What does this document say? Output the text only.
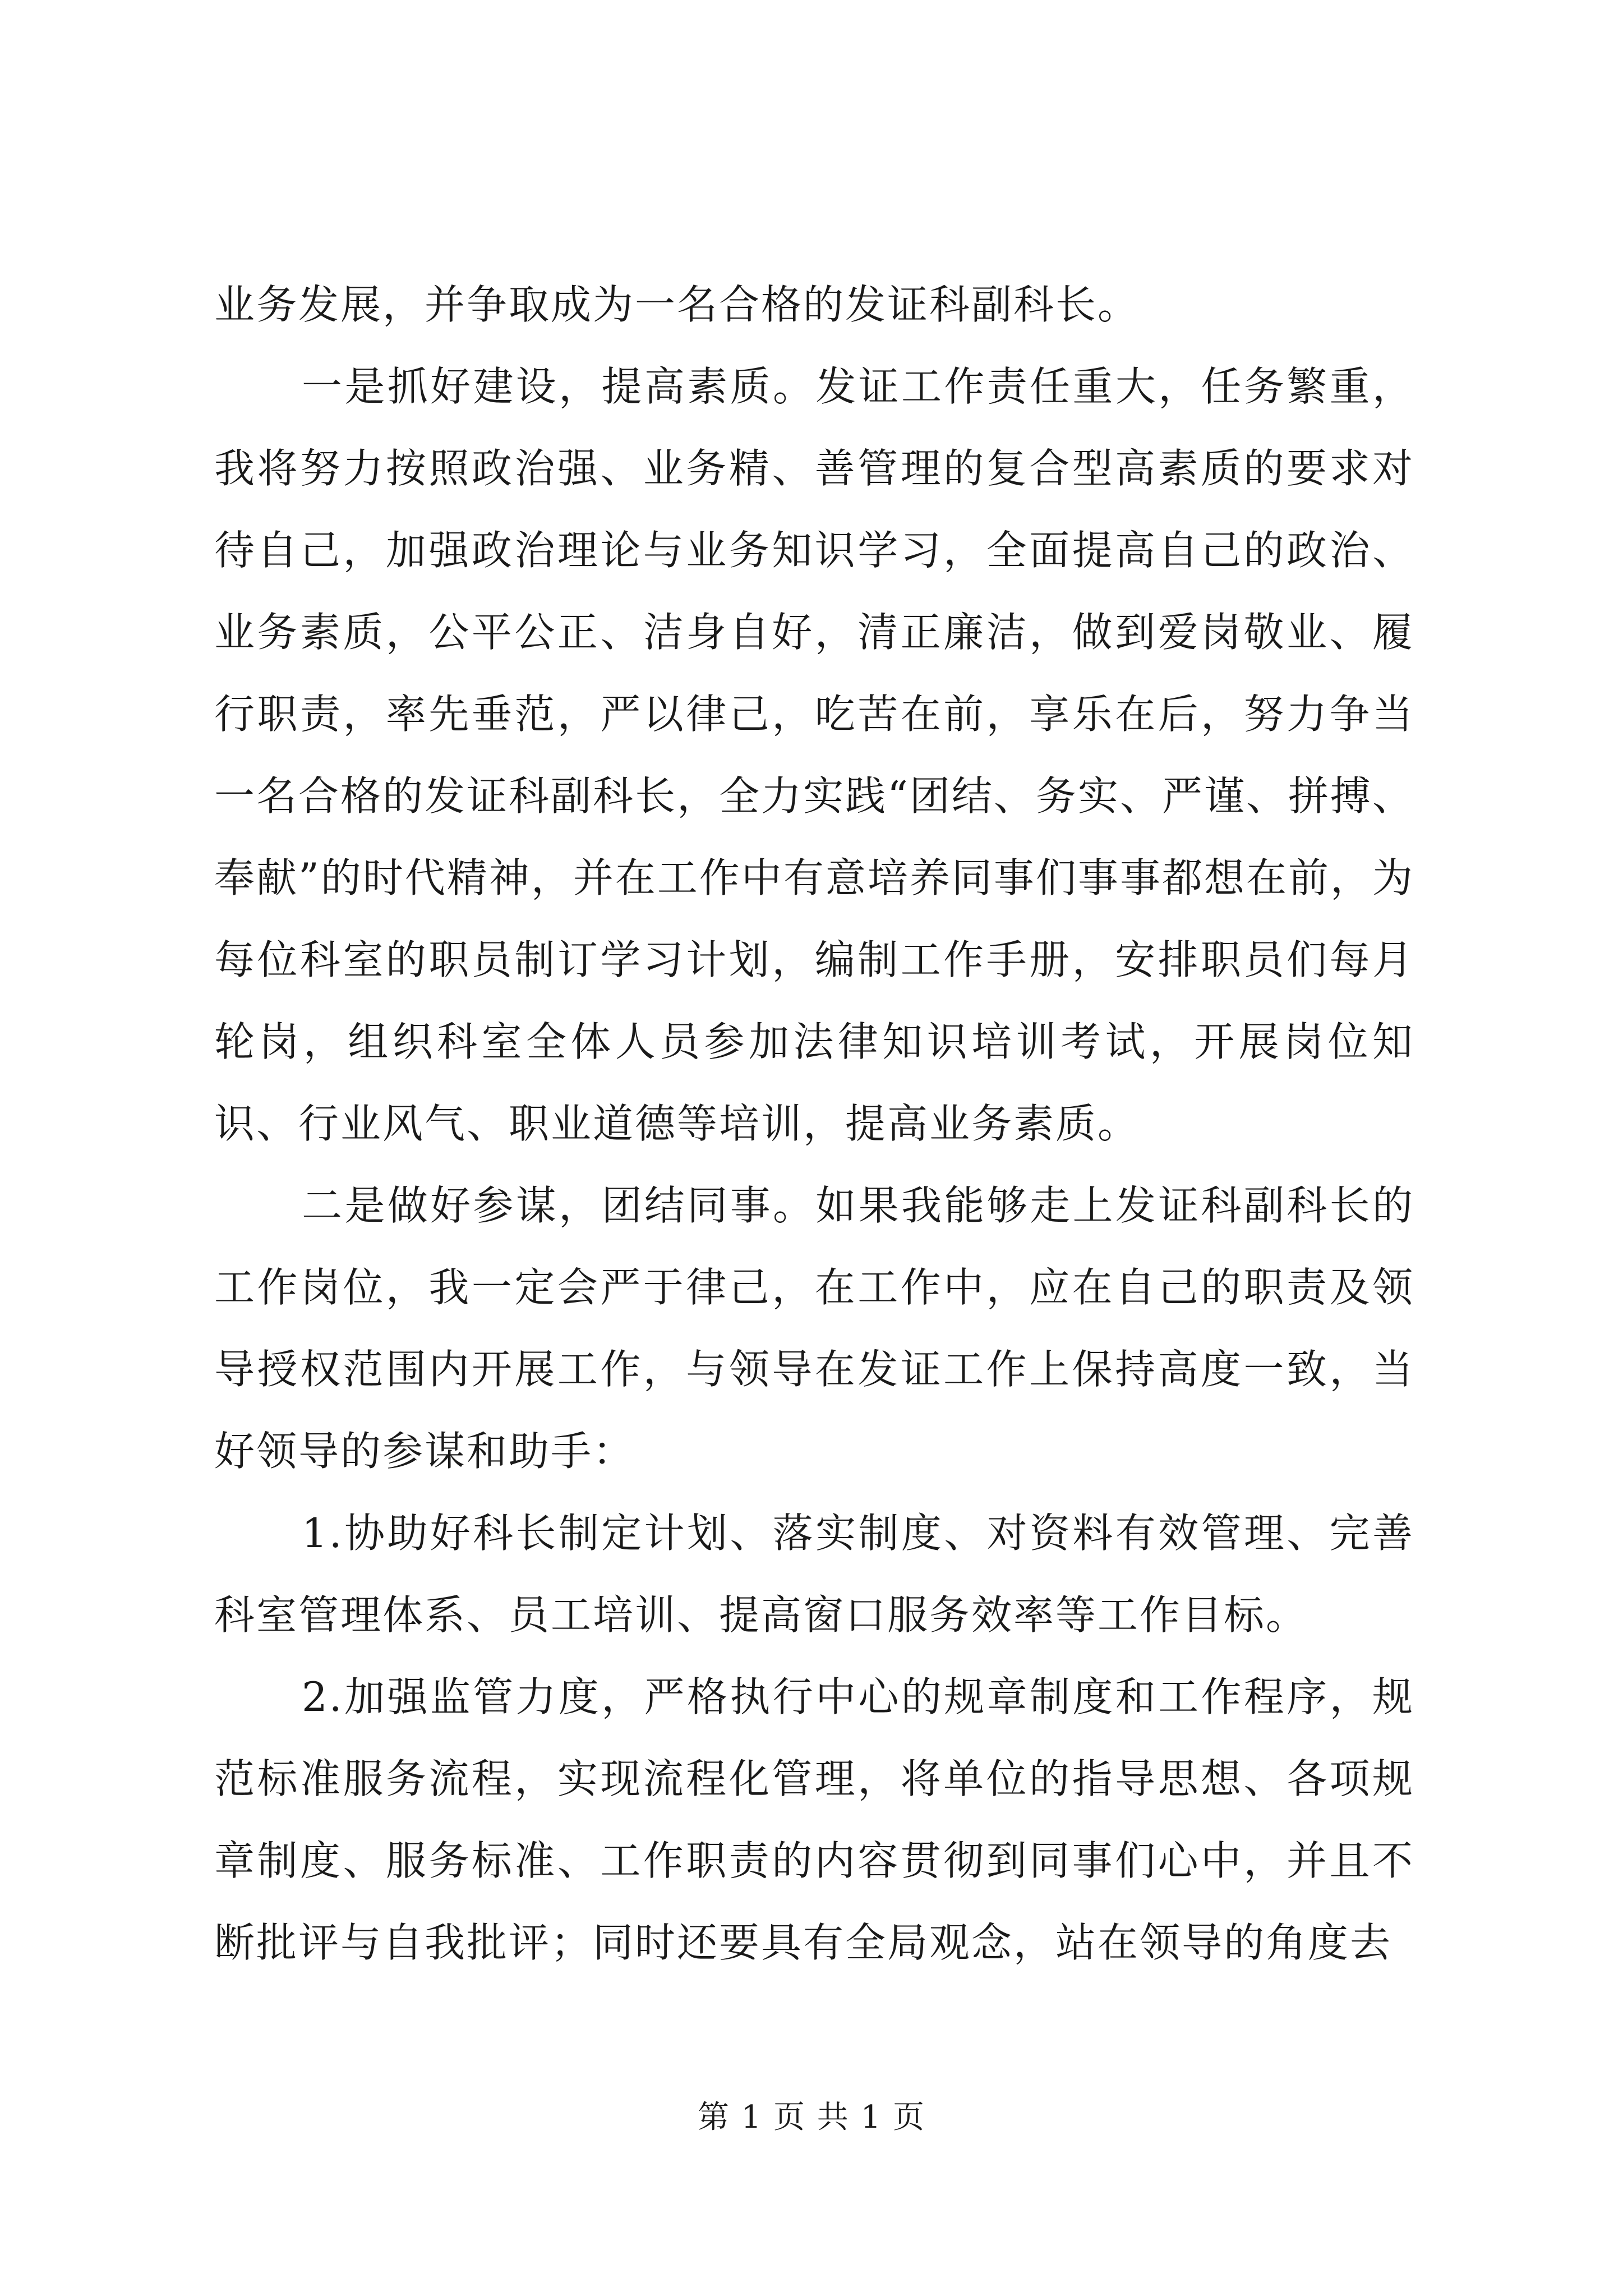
业务发展，并争取成为一名合格的发证科副科长。

一是抓好建设，提高素质。发证工作责任重大，任务繁重，我将努力按照政治强、业务精、善管理的复合型高素质的要求对待自己，加强政治理论与业务知识学习，全面提高自己的政治、业务素质，公平公正、洁身自好，清正廉洁，做到爱岗敬业、履行职责，率先垂范，严以律己，吃苦在前，享乐在后，努力争当一名合格的发证科副科长，全力实践“团结、务实、严谨、拼搏、奉献”的时代精神，并在工作中有意培养同事们事事都想在前，为每位科室的职员制订学习计划，编制工作手册，安排职员们每月轮岗，组织科室全体人员参加法律知识培训考试，开展岗位知识、行业风气、职业道德等培训，提高业务素质。

二是做好参谋，团结同事。如果我能够走上发证科副科长的工作岗位，我一定会严于律己，在工作中，应在自己的职责及领导授权范围内开展工作，与领导在发证工作上保持高度一致，当好领导的参谋和助手：

1.协助好科长制定计划、落实制度、对资料有效管理、完善科室管理体系、员工培训、提高窗口服务效率等工作目标。

2.加强监管力度，严格执行中心的规章制度和工作程序，规范标准服务流程，实现流程化管理，将单位的指导思想、各项规章制度、服务标准、工作职责的内容贯彻到同事们心中，并且不断批评与自我批评；同时还要具有全局观念，站在领导的角度去

第 1 页 共 1 页
